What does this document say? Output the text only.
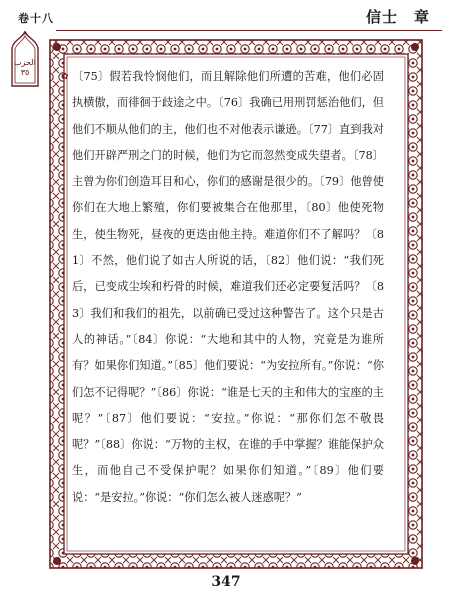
卷十八	信士　章
الحزب
٣٥	✿ 〔75〕假若我怜悯他们，而且解除他们所遭的苦难，他们必固执横傲，而徘徊于歧途之中。〔76〕我确已用刑罚惩治他们，但他们不顺从他们的主，他们也不对他表示谦逊。〔77〕直到我对他们开辟严刑之门的时候，他们为它而忽然变成失望者。〔78〕主曾为你们创造耳目和心，你们的感谢是很少的。〔79〕他曾使你们在大地上繁殖，你们要被集合在他那里，〔80〕他使死物生，使生物死，昼夜的更迭由他主持。难道你们不了解吗？〔81〕不然，他们说了如古人所说的话，〔82〕他们说：“我们死后，已变成尘埃和朽骨的时候，难道我们还必定要复活吗？〔83〕我们和我们的祖先，以前确已受过这种警告了。这个只是古人的神话。”〔84〕你说：“大地和其中的人物，究竟是为谁所有？如果你们知道。”〔85〕他们要说：“为安拉所有。”你说：“你们怎不记得呢？”〔86〕你说：“谁是七天的主和伟大的宝座的主呢？”〔87〕他们要说：“安拉。”你说：“那你们怎不敬畏呢？”〔88〕你说：“万物的主权，在谁的手中掌握？谁能保护众生，而他自己不受保护呢？如果你们知道。”〔89〕他们要说：“是安拉。”你说：“你们怎么被人迷惑呢？”
347
